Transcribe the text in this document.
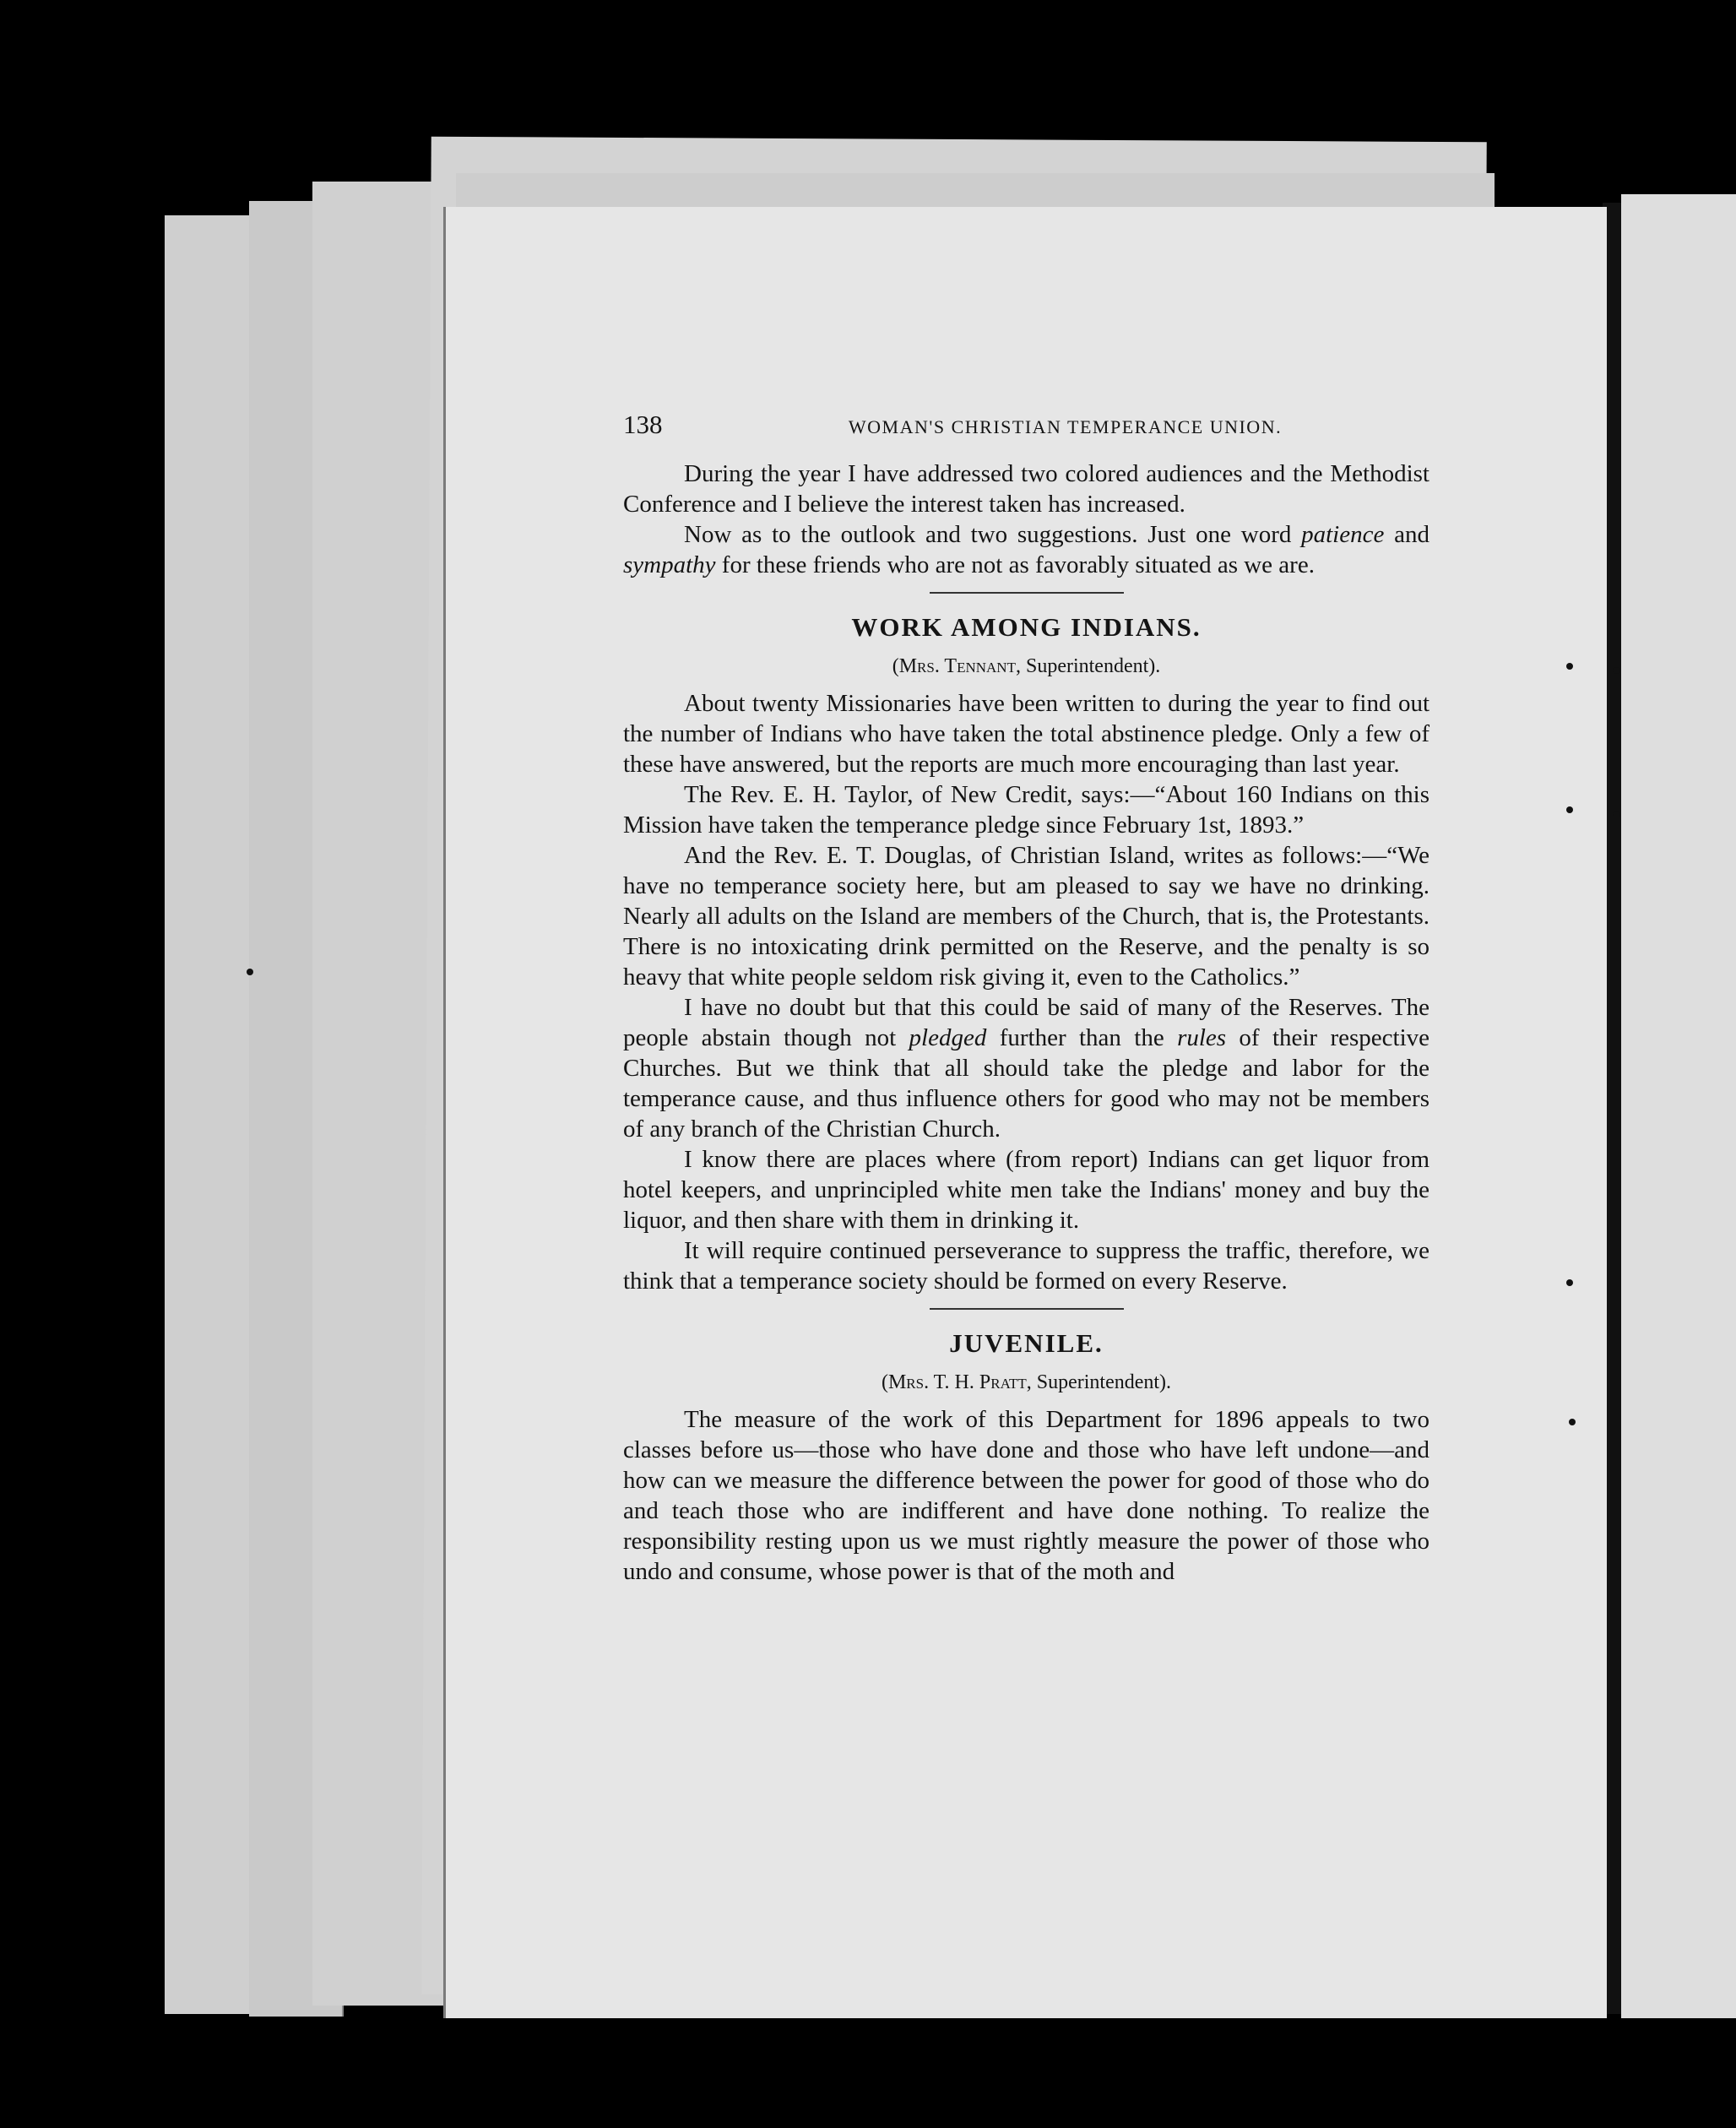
138	WOMAN'S CHRISTIAN TEMPERANCE UNION.

During the year I have addressed two colored audiences and the Methodist Conference and I believe the interest taken has increased.

Now as to the outlook and two suggestions. Just one word patience and sympathy for these friends who are not as favorably situated as we are.

WORK AMONG INDIANS.
(Mrs. Tennant, Superintendent).

About twenty Missionaries have been written to during the year to find out the number of Indians who have taken the total abstinence pledge. Only a few of these have answered, but the reports are much more encouraging than last year.

The Rev. E. H. Taylor, of New Credit, says:—“About 160 Indians on this Mission have taken the temperance pledge since February 1st, 1893.”

And the Rev. E. T. Douglas, of Christian Island, writes as follows:—“We have no temperance society here, but am pleased to say we have no drinking. Nearly all adults on the Island are members of the Church, that is, the Protestants. There is no intoxicating drink permitted on the Reserve, and the penalty is so heavy that white people seldom risk giving it, even to the Catholics.”

I have no doubt but that this could be said of many of the Reserves. The people abstain though not pledged further than the rules of their respective Churches. But we think that all should take the pledge and labor for the temperance cause, and thus influence others for good who may not be members of any branch of the Christian Church.

I know there are places where (from report) Indians can get liquor from hotel keepers, and unprincipled white men take the Indians' money and buy the liquor, and then share with them in drinking it.

It will require continued perseverance to suppress the traffic, therefore, we think that a temperance society should be formed on every Reserve.

JUVENILE.
(Mrs. T. H. Pratt, Superintendent).

The measure of the work of this Department for 1896 appeals to two classes before us—those who have done and those who have left undone—and how can we measure the difference between the power for good of those who do and teach those who are indifferent and have done nothing. To realize the responsibility resting upon us we must rightly measure the power of those who undo and consume, whose power is that of the moth and
